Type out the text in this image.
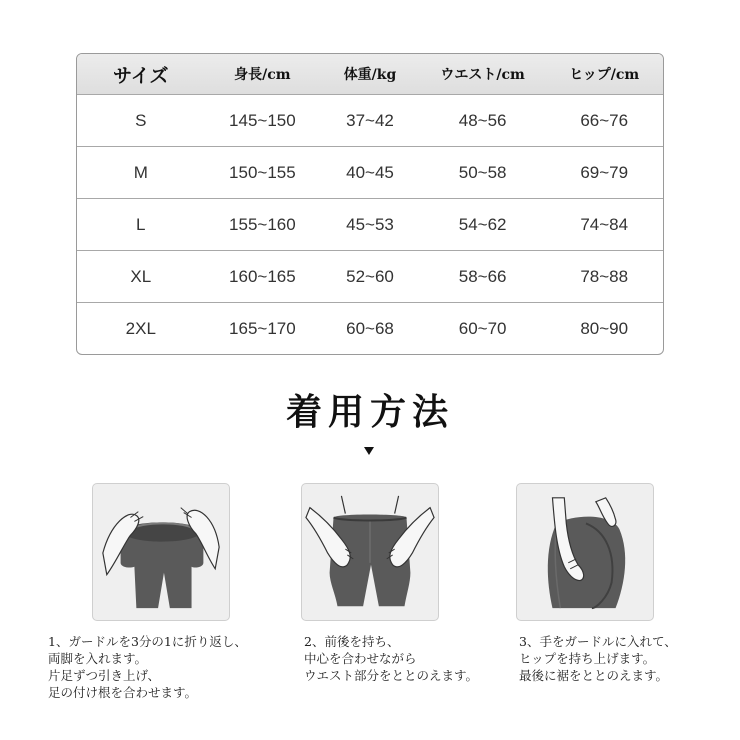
サイズ	身長/cm	体重/kg	ウエスト/cm	ヒップ/cm
S	145~150	37~42	48~56	66~76
M	150~155	40~45	50~58	69~79
L	155~160	45~53	54~62	74~84
XL	160~165	52~60	58~66	78~88
2XL	165~170	60~68	60~70	80~90
着用方法
1、ガードルを3分の1に折り返し、
両脚を入れます。
片足ずつ引き上げ、
足の付け根を合わせます。
2、前後を持ち、
中心を合わせながら
ウエスト部分をととのえます。
3、手をガードルに入れて、
ヒップを持ち上げます。
最後に裾をととのえます。
